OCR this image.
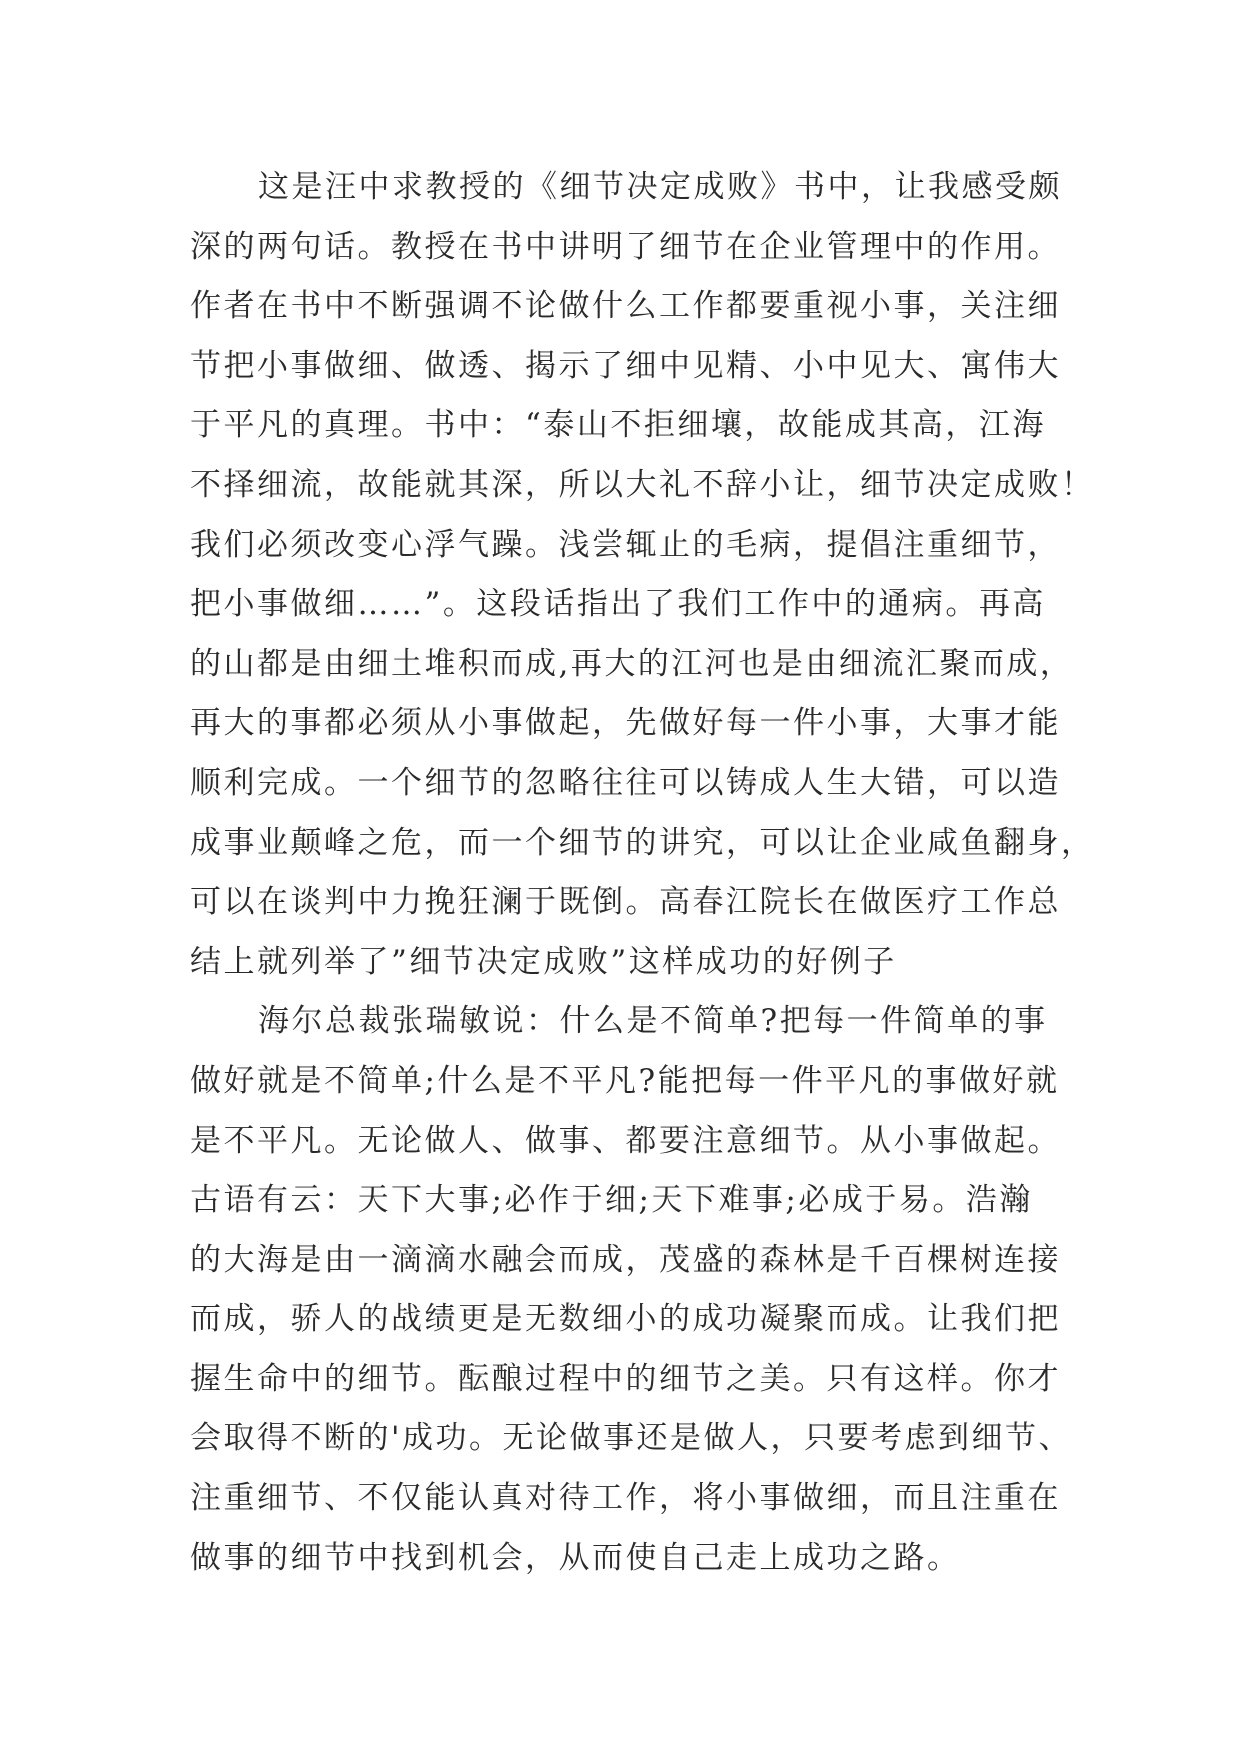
这是汪中求教授的《细节决定成败》书中，让我感受颇
深的两句话。教授在书中讲明了细节在企业管理中的作用。
作者在书中不断强调不论做什么工作都要重视小事，关注细
节把小事做细、做透、揭示了细中见精、小中见大、寓伟大
于平凡的真理。书中：“泰山不拒细壤，故能成其高，江海
不择细流，故能就其深，所以大礼不辞小让，细节决定成败！
我们必须改变心浮气躁。浅尝辄止的毛病，提倡注重细节，
把小事做细……”。这段话指出了我们工作中的通病。再高
的山都是由细土堆积而成,再大的江河也是由细流汇聚而成，
再大的事都必须从小事做起，先做好每一件小事，大事才能
顺利完成。一个细节的忽略往往可以铸成人生大错，可以造
成事业颠峰之危，而一个细节的讲究，可以让企业咸鱼翻身，
可以在谈判中力挽狂澜于既倒。高春江院长在做医疗工作总
结上就列举了”细节决定成败”这样成功的好例子
海尔总裁张瑞敏说：什么是不简单?把每一件简单的事
做好就是不简单;什么是不平凡?能把每一件平凡的事做好就
是不平凡。无论做人、做事、都要注意细节。从小事做起。
古语有云：天下大事;必作于细;天下难事;必成于易。浩瀚
的大海是由一滴滴水融会而成，茂盛的森林是千百棵树连接
而成，骄人的战绩更是无数细小的成功凝聚而成。让我们把
握生命中的细节。酝酿过程中的细节之美。只有这样。你才
会取得不断的'成功。无论做事还是做人，只要考虑到细节、
注重细节、不仅能认真对待工作，将小事做细，而且注重在
做事的细节中找到机会，从而使自己走上成功之路。
